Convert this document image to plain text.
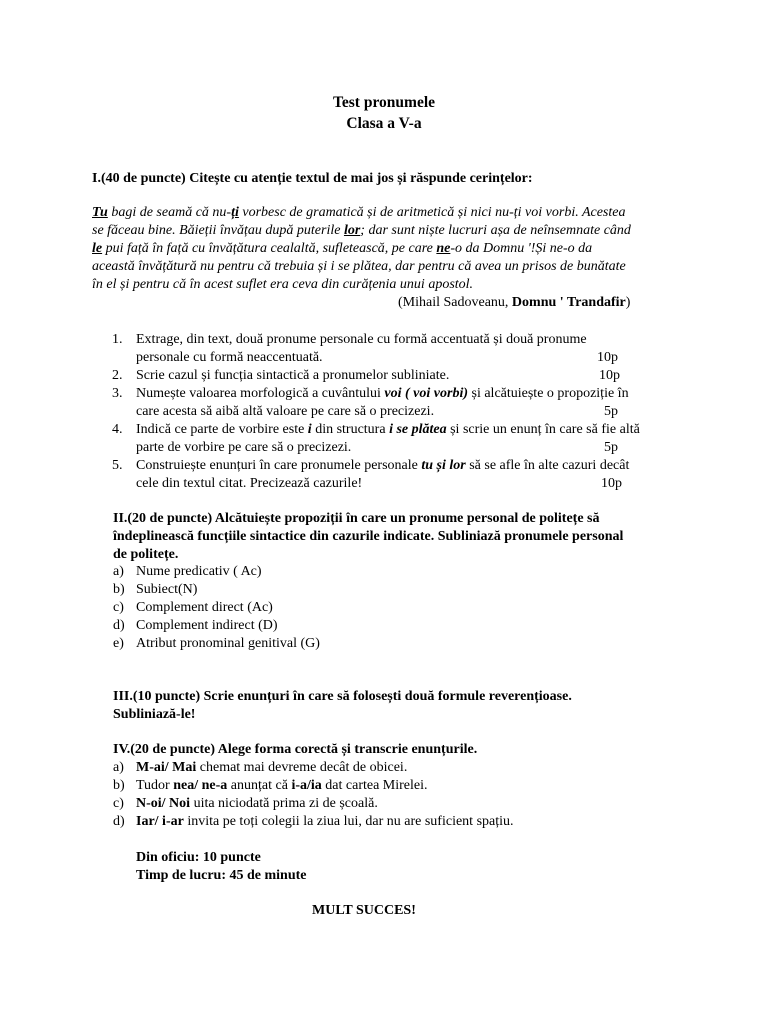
Test pronumele
Clasa a V-a
I.(40 de puncte) Citește cu atenție textul de mai jos și răspunde cerințelor:
Tu bagi de seamă că nu-ți vorbesc de gramatică și de aritmetică și nici nu-ți voi vorbi. Acestea
se făceau bine. Băieții învățau după puterile lor; dar sunt niște lucruri așa de neînsemnate când
le pui față în față cu învățătura cealaltă, sufletească, pe care ne-o da Domnu '!Și ne-o da
această învățătură nu pentru că trebuia și i se plătea, dar pentru că avea un prisos de bunătate
în el și pentru că în acest suflet era ceva din curățenia unui apostol.
(Mihail Sadoveanu, Domnu ' Trandafir)
1. Extrage, din text, două pronume personale cu formă accentuată și două pronume
personale cu formă neaccentuată.	10p
2. Scrie cazul și funcția sintactică a pronumelor subliniate.	10p
3. Numește valoarea morfologică a cuvântului voi ( voi vorbi) și alcătuiește o propoziție în
care acesta să aibă altă valoare pe care să o precizezi.	5p
4. Indică ce parte de vorbire este i din structura i se plătea și scrie un enunț în care să fie altă
parte de vorbire pe care să o precizezi.	5p
5. Construiește enunțuri în care pronumele personale tu și lor să se afle în alte cazuri decât
cele din textul citat. Precizează cazurile!	10p
II.(20 de puncte) Alcătuiește propoziții în care un pronume personal de politețe să
îndeplinească funcțiile sintactice din cazurile indicate. Subliniază pronumele personal
de politețe.
a) Nume predicativ ( Ac)
b) Subiect(N)
c) Complement direct (Ac)
d) Complement indirect (D)
e) Atribut pronominal genitival (G)
III.(10 puncte) Scrie enunțuri în care să folosești două formule reverențioase.
Subliniază-le!
IV.(20 de puncte) Alege forma corectă și transcrie enunțurile.
a) M-ai/ Mai chemat mai devreme decât de obicei.
b) Tudor nea/ ne-a anunțat că i-a/ia dat cartea Mirelei.
c) N-oi/ Noi uita niciodată prima zi de școală.
d) Iar/ i-ar invita pe toți colegii la ziua lui, dar nu are suficient spațiu.
Din oficiu: 10 puncte
Timp de lucru: 45 de minute
MULT SUCCES!
